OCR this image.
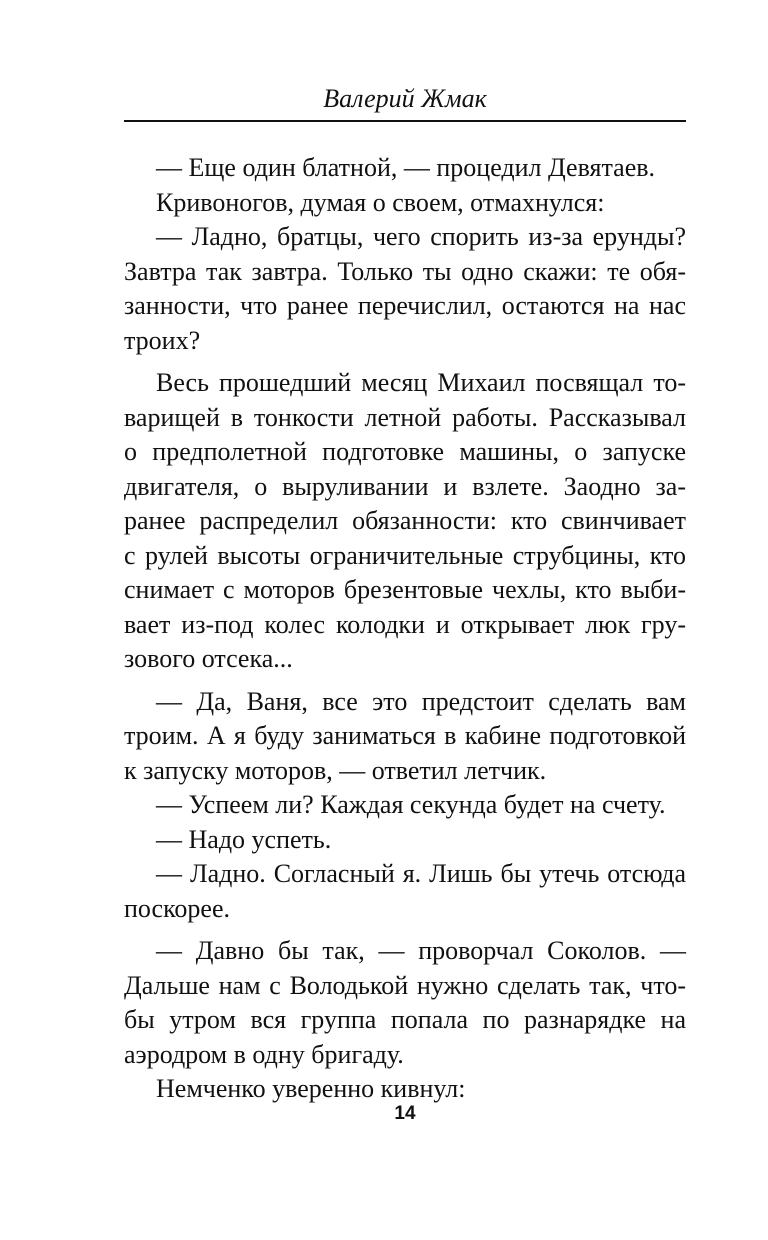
Валерий Жмак
— Еще один блатной, — процедил Девятаев.
Кривоногов, думая о своем, отмахнулся:
— Ладно, братцы, чего спорить из-за ерунды?
Завтра так завтра. Только ты одно скажи: те обя-
занности, что ранее перечислил, остаются на нас
троих?
Весь прошедший месяц Михаил посвящал то-
варищей в тонкости летной работы. Рассказывал
о предполетной подготовке машины, о запуске
двигателя, о выруливании и взлете. Заодно за-
ранее распределил обязанности: кто свинчивает
с рулей высоты ограничительные струбцины, кто
снимает с моторов брезентовые чехлы, кто выби-
вает из-под колес колодки и открывает люк гру-
зового отсека...
— Да, Ваня, все это предстоит сделать вам
троим. А я буду заниматься в кабине подготовкой
к запуску моторов, — ответил летчик.
— Успеем ли? Каждая секунда будет на счету.
— Надо успеть.
— Ладно. Согласный я. Лишь бы утечь отсюда
поскорее.
— Давно бы так, — проворчал Соколов. —
Дальше нам с Володькой нужно сделать так, что-
бы утром вся группа попала по разнарядке на
аэродром в одну бригаду.
Немченко уверенно кивнул:
14
